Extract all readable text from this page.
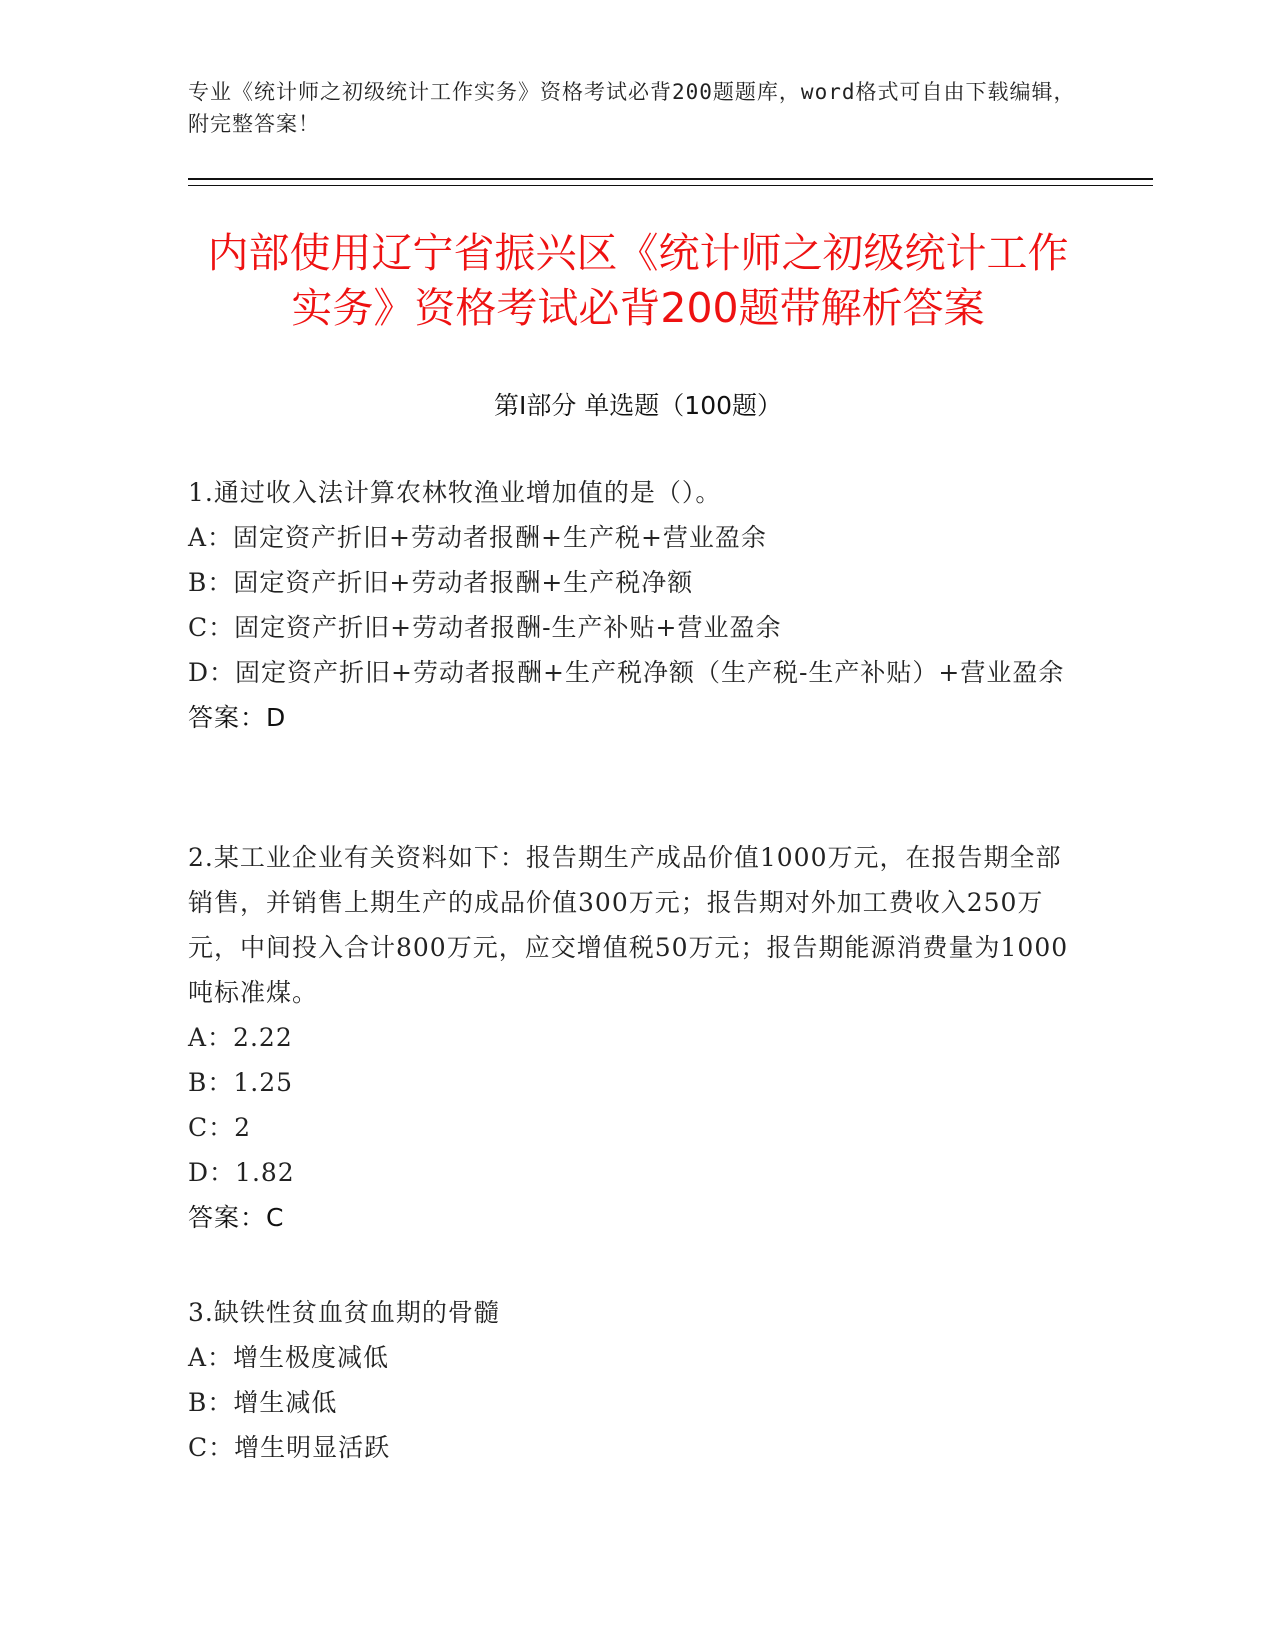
专业《统计师之初级统计工作实务》资格考试必背200题题库，word格式可自由下载编辑，附完整答案！
内部使用辽宁省振兴区《统计师之初级统计工作实务》资格考试必背200题带解析答案
第Ⅰ部分 单选题（100题）
1.通过收入法计算农林牧渔业增加值的是（）。
A：固定资产折旧+劳动者报酬+生产税+营业盈余
B：固定资产折旧+劳动者报酬+生产税净额
C：固定资产折旧+劳动者报酬-生产补贴+营业盈余
D：固定资产折旧+劳动者报酬+生产税净额（生产税-生产补贴）+营业盈余
答案：D
2.某工业企业有关资料如下：报告期生产成品价值1000万元，在报告期全部销售，并销售上期生产的成品价值300万元；报告期对外加工费收入250万元，中间投入合计800万元，应交增值税50万元；报告期能源消费量为1000吨标准煤。
A：2.22
B：1.25
C：2
D：1.82
答案：C
3.缺铁性贫血贫血期的骨髓
A：增生极度减低
B：增生减低
C：增生明显活跃
